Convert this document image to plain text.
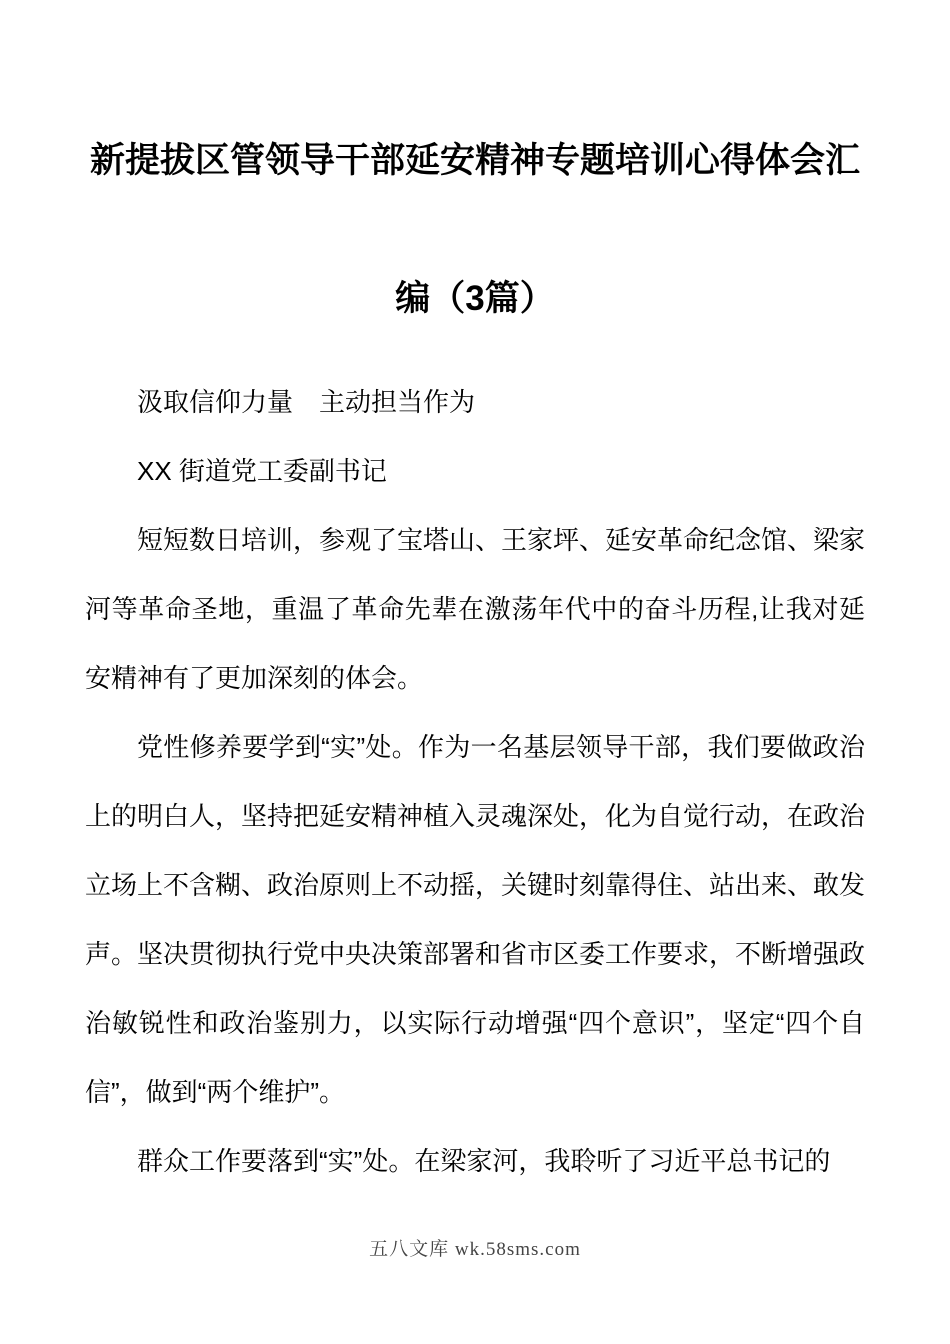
新提拔区管领导干部延安精神专题培训心得体会汇编（3篇）

汲取信仰力量　主动担当作为

XX 街道党工委副书记

短短数日培训，参观了宝塔山、王家坪、延安革命纪念馆、梁家河等革命圣地，重温了革命先辈在激荡年代中的奋斗历程,让我对延安精神有了更加深刻的体会。

党性修养要学到“实”处。作为一名基层领导干部，我们要做政治上的明白人，坚持把延安精神植入灵魂深处，化为自觉行动，在政治立场上不含糊、政治原则上不动摇，关键时刻靠得住、站出来、敢发声。坚决贯彻执行党中央决策部署和省市区委工作要求，不断增强政治敏锐性和政治鉴别力，以实际行动增强“四个意识”，坚定“四个自信”，做到“两个维护”。

群众工作要落到“实”处。在梁家河，我聆听了习近平总书记的

五八文库 wk.58sms.com
